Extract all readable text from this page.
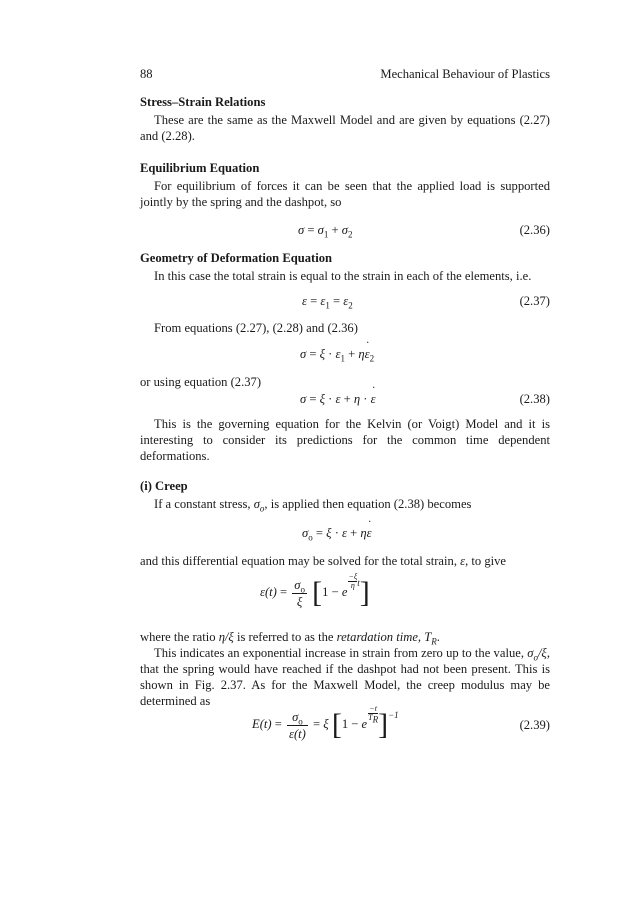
88	Mechanical Behaviour of Plastics

Stress–Strain Relations

These are the same as the Maxwell Model and are given by equations (2.27) and (2.28).

Equilibrium Equation

For equilibrium of forces it can be seen that the applied load is supported jointly by the spring and the dashpot, so

$\sigma = \sigma_1 + \sigma_2$	(2.36)

Geometry of Deformation Equation

In this case the total strain is equal to the strain in each of the elements, i.e.

$\varepsilon = \varepsilon_1 = \varepsilon_2$	(2.37)

From equations (2.27), (2.28) and (2.36)

$\sigma = \xi \cdot \varepsilon_1 + \eta\varepsilon$ $˙_2$

or using equation (2.37)

σ = ξ · ε + η · ε ˙	(2.38)

This is the governing equation for the Kelvin (or Voigt) Model and it is interesting to consider its predictions for the common time dependent deformations.

(i) Creep

If a constant stress, $\sigma_o$, is applied then equation (2.38) becomes

$\sigma_o = \xi \cdot \varepsilon + \eta\varepsilon$ ˙

and this differential equation may be solved for the total strain, ε, to give

$\varepsilon(t) = \frac{\sigma_o}{\xi} [1 - e$
$\frac{-\xi}{\eta} ^t$]

where the ratio η/ξ is referred to as the retardation time, $T_R$.

This indicates an exponential increase in strain from zero up to the value, $\sigma_o/\xi$, that the spring would have reached if the dashpot had not been present. This is shown in Fig. 2.37. As for the Maxwell Model, the creep modulus may be determined as

$E(t) = \frac{\sigma_o}{\varepsilon(t)} = \xi$ [1 − e
$\frac{-t}{T_R} ]^{-1}$
(2.39)
